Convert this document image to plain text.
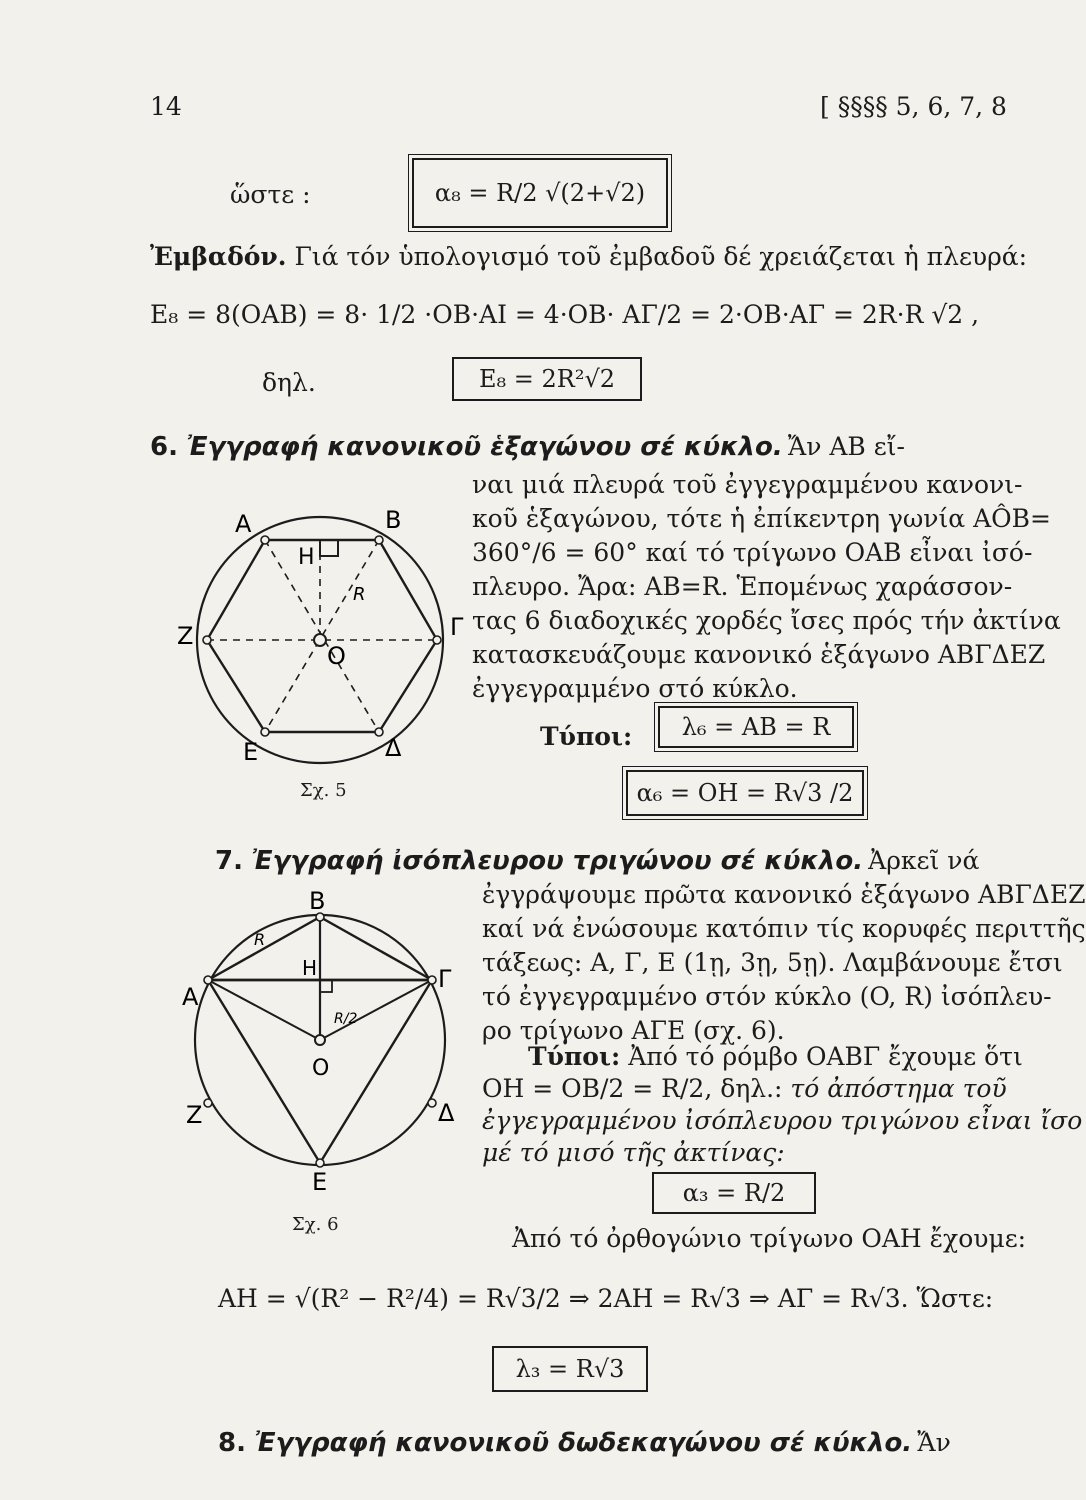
14	[ §§§§ 5, 6, 7, 8
ὥστε :	α₈ = R/2 √(2+√2)
Ἐμβαδόν. Γιά τόν ὑπολογισμό τοῦ ἐμβαδοῦ δέ χρειάζεται ἡ πλευρά:
E₈ = 8(OAB) = 8· 1/2 ·OB·AI = 4·OB· AΓ/2 = 2·OB·AΓ = 2R·R √2 ,
δηλ.	E₈ = 2R²√2
6. Ἐγγραφή κανονικοῦ ἑξαγώνου σέ κύκλο. Ἄν AB εἴ-
ναι μιά πλευρά τοῦ ἐγγεγραμμένου κανονι-
κοῦ ἑξαγώνου, τότε ἡ ἐπίκεντρη γωνία AÔB=
360°/6 = 60° καί τό τρίγωνο OAB εἶναι ἰσό-
πλευρο. Ἄρα: AB=R. Ἑπομένως χαράσσον-
τας 6 διαδοχικές χορδές ἴσες πρός τήν ἀκτίνα
κατασκευάζουμε κανονικό ἑξάγωνο ΑΒΓΔΕΖ
ἐγγεγραμμένο στό κύκλο.
A	B
Γ
Δ
E
Z
O
H
R
Σχ. 5
Τύποι:	λ₆ = AB = R
α₆ = OH = R√3 /2
7. Ἐγγραφή ἰσόπλευρου τριγώνου σέ κύκλο. Ἀρκεῖ νά
ἐγγράψουμε πρῶτα κανονικό ἑξάγωνο ΑΒΓΔΕΖ
καί νά ἐνώσουμε κατόπιν τίς κορυφές περιττῆς
τάξεως: A, Γ, E (1ῃ, 3ῃ, 5ῃ). Λαμβάνουμε ἔτσι
τό ἐγγεγραμμένο στόν κύκλο (O, R) ἰσόπλευ-
ρο τρίγωνο ΑΓΕ (σχ. 6).
Τύποι: Ἀπό τό ρόμβο OABΓ ἔχουμε ὅτι
OH = OB/2 = R/2, δηλ.: τό ἀπόστημα τοῦ
ἐγγεγραμμένου ἰσόπλευρου τριγώνου εἶναι ἴσο
μέ τό μισό τῆς ἀκτίνας:
α₃ = R/2
Ἀπό τό ὀρθογώνιο τρίγωνο OAH ἔχουμε:
B
A
Γ
Δ
E
Z
O
H
R/2
R
Σχ. 6
AH = √(R² − R²/4) = R√3/2 ⇒ 2AH = R√3 ⇒ AΓ = R√3. Ὥστε:
λ₃ = R√3
8. Ἐγγραφή κανονικοῦ δωδεκαγώνου σέ κύκλο. Ἄν
